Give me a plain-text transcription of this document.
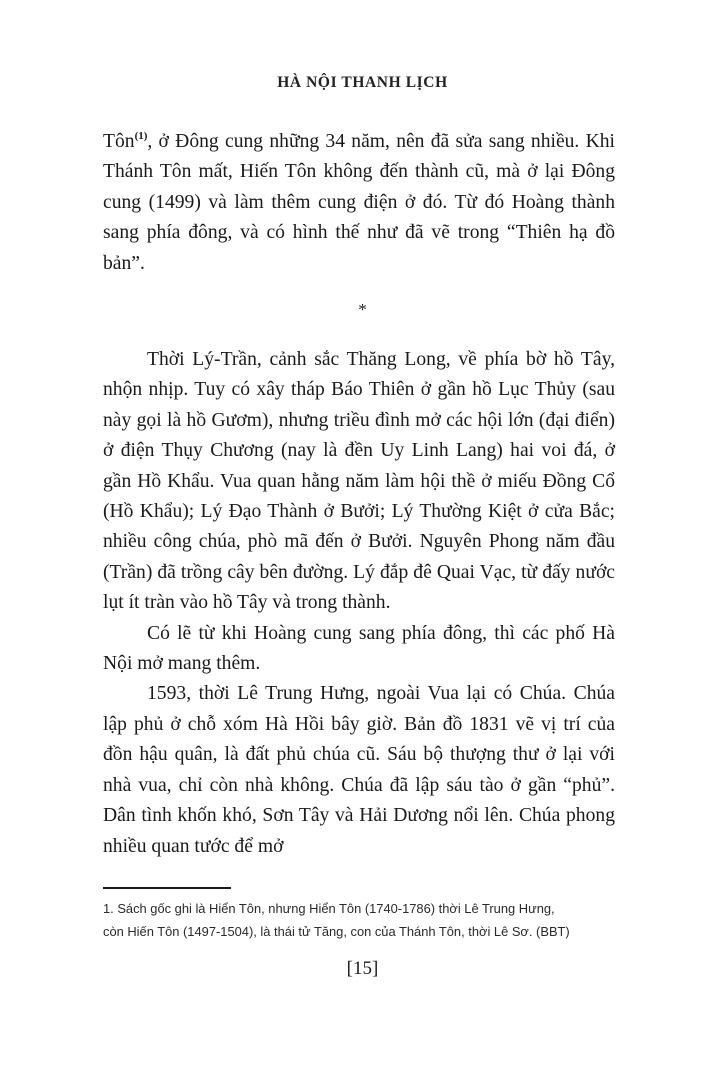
HÀ NỘI THANH LỊCH

Tôn$^{(1)}$, ở Đông cung những 34 năm, nên đã sửa sang nhiều. Khi Thánh Tôn mất, Hiến Tôn không đến thành cũ, mà ở lại Đông cung (1499) và làm thêm cung điện ở đó. Từ đó Hoàng thành sang phía đông, và có hình thế như đã vẽ trong “Thiên hạ đồ bản”.

*

Thời Lý-Trần, cảnh sắc Thăng Long, về phía bờ hồ Tây, nhộn nhịp. Tuy có xây tháp Báo Thiên ở gần hồ Lục Thủy (sau này gọi là hồ Gươm), nhưng triều đình mở các hội lớn (đại điển) ở điện Thụy Chương (nay là đền Uy Linh Lang) hai voi đá, ở gần Hồ Khẩu. Vua quan hằng năm làm hội thề ở miếu Đồng Cổ (Hồ Khẩu); Lý Đạo Thành ở Bưởi; Lý Thường Kiệt ở cửa Bắc; nhiều công chúa, phò mã đến ở Bưởi. Nguyên Phong năm đầu (Trần) đã trồng cây bên đường. Lý đắp đê Quai Vạc, từ đấy nước lụt ít tràn vào hồ Tây và trong thành.

Có lẽ từ khi Hoàng cung sang phía đông, thì các phố Hà Nội mở mang thêm.

1593, thời Lê Trung Hưng, ngoài Vua lại có Chúa. Chúa lập phủ ở chỗ xóm Hà Hồi bây giờ. Bản đồ 1831 vẽ vị trí của đồn hậu quân, là đất phủ chúa cũ. Sáu bộ thượng thư ở lại với nhà vua, chỉ còn nhà không. Chúa đã lập sáu tào ở gần “phủ”. Dân tình khốn khó, Sơn Tây và Hải Dương nổi lên. Chúa phong nhiều quan tước để mở

1. Sách gốc ghi là Hiển Tôn, nhưng Hiển Tôn (1740-1786) thời Lê Trung Hưng,
còn Hiến Tôn (1497-1504), là thái tử Tăng, con của Thánh Tôn, thời Lê Sơ. (BBT)
[15]
